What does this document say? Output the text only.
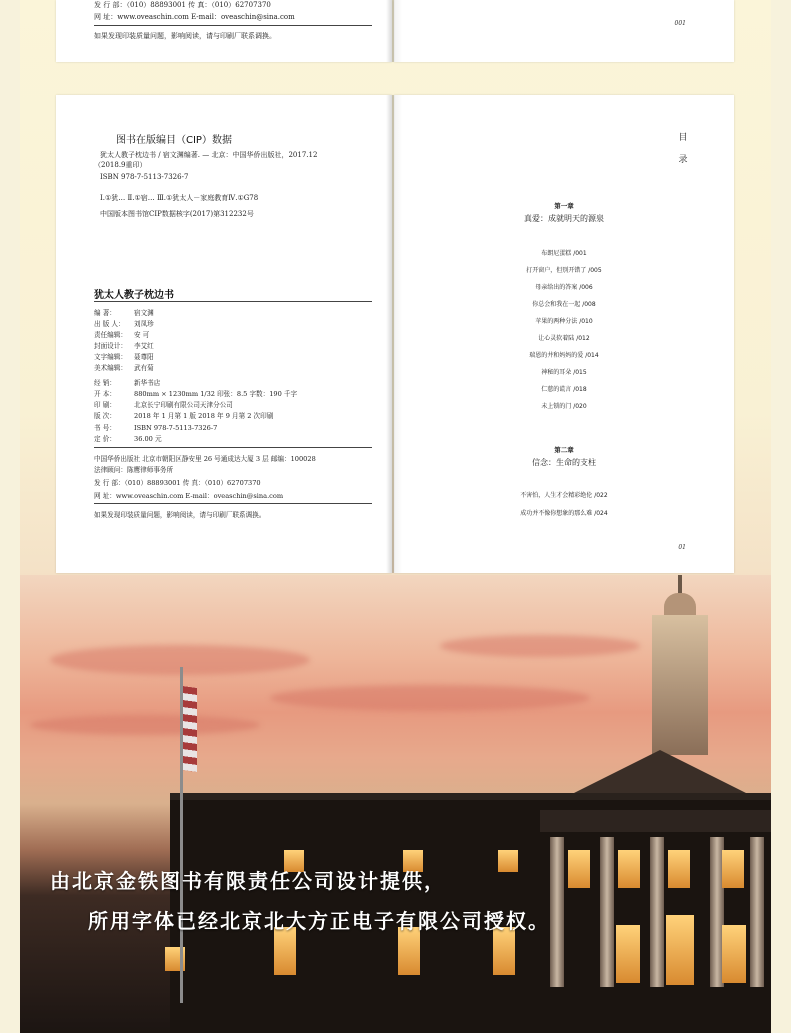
发 行 部：（010）88893001 传 真：（010）62707370
网 址：www.oveaschin.com E-mail：oveaschin@sina.com
如果发现印装质量问题，影响阅读，请与印刷厂联系调换。
001
图书在版编目（CIP）数据
犹太人教子枕边书 / 宿文渊编著. — 北京：中国华侨出版社，2017.12
（2018.9重印）
ISBN 978-7-5113-7326-7
Ⅰ.①犹… Ⅱ.①宿… Ⅲ.①犹太人－家庭教育Ⅳ.①G78
中国版本图书馆CIP数据核字(2017)第312232号
犹太人教子枕边书
编 著：	宿文渊
出 版 人： 刘凤珍
责任编辑： 安 可
封面设计： 李艾红
文字编辑： 聂尊阳
美术编辑： 武有菊
经 销：	新华书店
开 本：	880mm × 1230mm 1/32 印张：8.5 字数：190 千字
印 刷：	北京长宁印刷有限公司天津分公司
版 次：	2018 年 1 月第 1 版 2018 年 9 月第 2 次印刷
书 号：	ISBN 978-7-5113-7326-7
定 价：	36.00 元
中国华侨出版社 北京市朝阳区静安里 26 号通成达大厦 3 层 邮编：100028
法律顾问：陈鹰律师事务所
发 行 部：（010）88893001 传 真：（010）62707370
网 址：www.oveaschin.com E-mail：oveaschin@sina.com
如果发现印装质量问题，影响阅读，请与印刷厂联系调换。
目
录
第一章
真爱：成就明天的源泉
布朗尼蛋糕 /001
打开窗户，但别开错了 /005
母亲给出的答案 /006
你总会和我在一起 /008
苹果的两种分法 /010
让心灵软着陆 /012
瑞恩的井和妈妈的爱 /014
神秘的耳朵 /015
仁慈的谎言 /018
未上锁的门 /020
第二章
信念：生命的支柱
不害怕，人生才会精彩绝伦 /022
成功并不像你想象的那么难 /024
01
由北京金铁图书有限责任公司设计提供，
所用字体已经北京北大方正电子有限公司授权。
